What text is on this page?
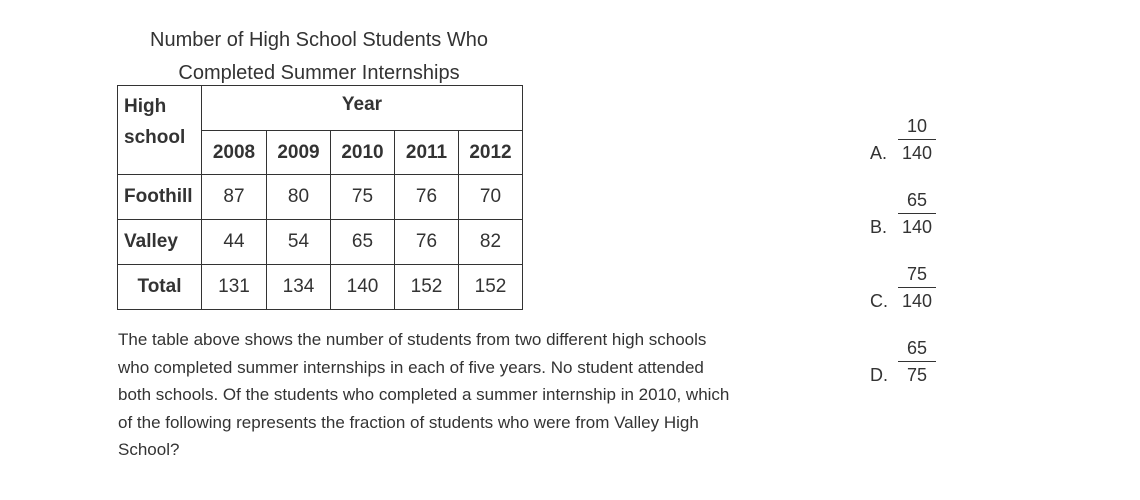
Number of High School Students Who
Completed Summer Internships
High
school	Year				
	2008	2009	2010	2011	2012
Foothill	87	80	75	76	70
Valley	44	54	65	76	82
Total	131	134	140	152	152

The table above shows the number of students from two different high schools

who completed summer internships in each of five years. No student attended

both schools. Of the students who completed a summer internship in 2010, which

of the following represents the fraction of students who were from Valley High

School?

A.
10
140
B.
65
140
C.
75
140
D.
65
75
